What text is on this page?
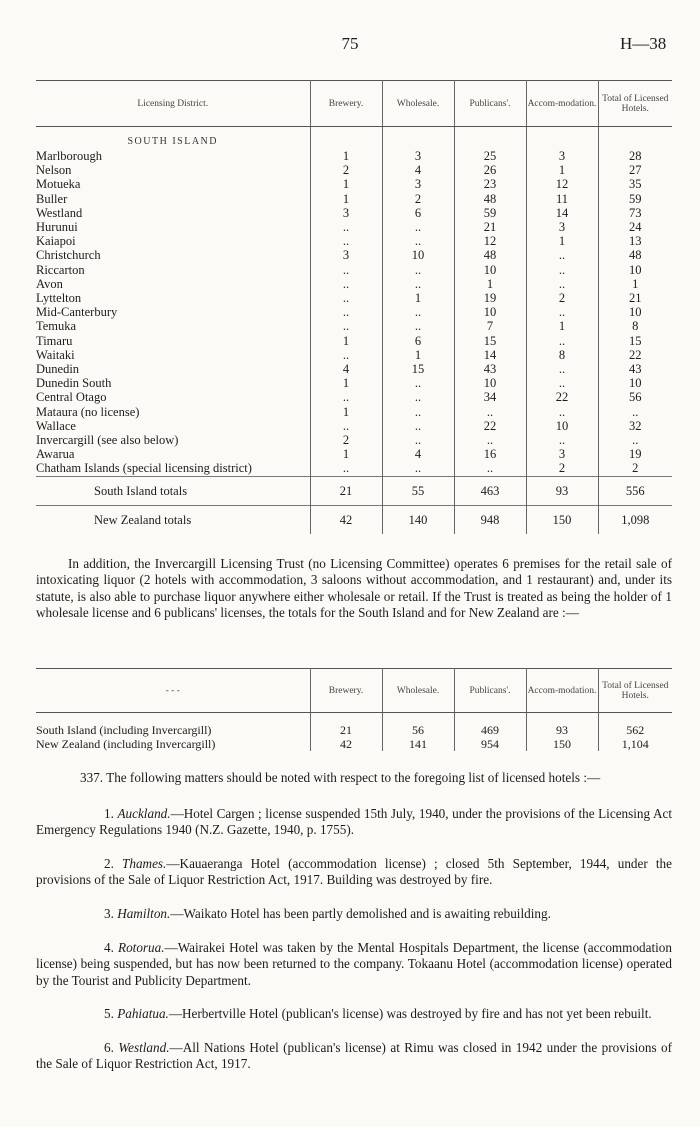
75	H—38
Licensing District.	Brewery.	Wholesale.	Publicans'.	Accom-modation.	Total of Licensed Hotels.
SOUTH ISLAND					
Marlborough	1	3	25	3	28
Nelson	2	4	26	1	27
Motueka	1	3	23	12	35
Buller	1	2	48	11	59
Westland	3	6	59	14	73
Hurunui	..	..	21	3	24
Kaiapoi	..	..	12	1	13
Christchurch	3	10	48	..	48
Riccarton	..	..	10	..	10
Avon	..	..	1	..	1
Lyttelton	..	1	19	2	21
Mid-Canterbury	..	..	10	..	10
Temuka	..	..	7	1	8
Timaru	1	6	15	..	15
Waitaki	..	1	14	8	22
Dunedin	4	15	43	..	43
Dunedin South	1	..	10	..	10
Central Otago	..	..	34	22	56
Mataura (no license)	1	..	..	..	..
Wallace	..	..	22	10	32
Invercargill (see also below)	2	..	..	..	..
Awarua	1	4	16	3	19
Chatham Islands (special licensing district)	..	..	..	2	2
South Island totals	21	55	463	93	556
New Zealand totals	42	140	948	150	1,098
In addition, the Invercargill Licensing Trust (no Licensing Committee) operates 6 premises for the retail sale of intoxicating liquor (2 hotels with accommodation, 3 saloons without accommodation, and 1 restaurant) and, under its statute, is also able to purchase liquor anywhere either wholesale or retail. If the Trust is treated as being the holder of 1 wholesale license and 6 publicans' licenses, the totals for the South Island and for New Zealand are :—
- - -	Brewery.	Wholesale.	Publicans'.	Accom-modation.	Total of Licensed Hotels.

South Island (including Invercargill)	21	56	469	93	562
New Zealand (including Invercargill)	42	141	954	150	1,104
337. The following matters should be noted with respect to the foregoing list of licensed hotels :—
1. Auckland.—Hotel Cargen ; license suspended 15th July, 1940, under the provisions of the Licensing Act Emergency Regulations 1940 (N.Z. Gazette, 1940, p. 1755).
2. Thames.—Kauaeranga Hotel (accommodation license) ; closed 5th September, 1944, under the provisions of the Sale of Liquor Restriction Act, 1917. Building was destroyed by fire.
3. Hamilton.—Waikato Hotel has been partly demolished and is awaiting rebuilding.
4. Rotorua.—Wairakei Hotel was taken by the Mental Hospitals Department, the license (accommodation license) being suspended, but has now been returned to the company. Tokaanu Hotel (accommodation license) operated by the Tourist and Publicity Department.
5. Pahiatua.—Herbertville Hotel (publican's license) was destroyed by fire and has not yet been rebuilt.
6. Westland.—All Nations Hotel (publican's license) at Rimu was closed in 1942 under the provisions of the Sale of Liquor Restriction Act, 1917.
